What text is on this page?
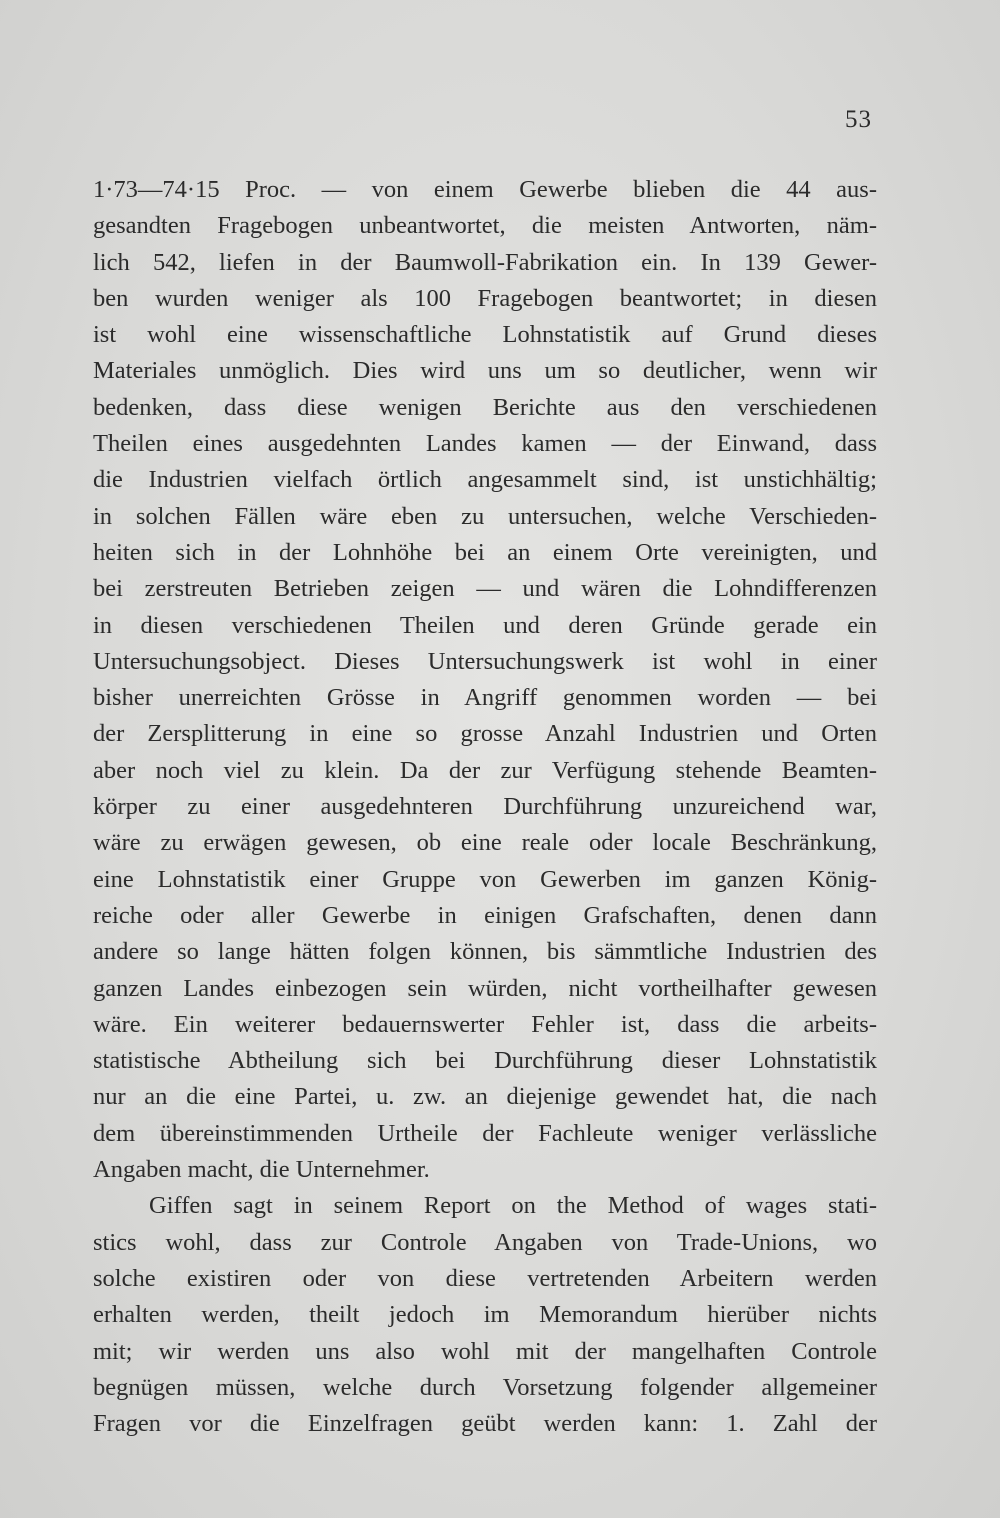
53
1·73—74·15 Proc. — von einem Gewerbe blieben die 44 aus-
gesandten Fragebogen unbeantwortet, die meisten Antworten, näm-
lich 542, liefen in der Baumwoll-Fabrikation ein. In 139 Gewer-
ben wurden weniger als 100 Fragebogen beantwortet; in diesen
ist wohl eine wissenschaftliche Lohnstatistik auf Grund dieses
Materiales unmöglich. Dies wird uns um so deutlicher, wenn wir
bedenken, dass diese wenigen Berichte aus den verschiedenen
Theilen eines ausgedehnten Landes kamen — der Einwand, dass
die Industrien vielfach örtlich angesammelt sind, ist unstichhältig;
in solchen Fällen wäre eben zu untersuchen, welche Verschieden-
heiten sich in der Lohnhöhe bei an einem Orte vereinigten, und
bei zerstreuten Betrieben zeigen — und wären die Lohndifferenzen
in diesen verschiedenen Theilen und deren Gründe gerade ein
Untersuchungsobject. Dieses Untersuchungswerk ist wohl in einer
bisher unerreichten Grösse in Angriff genommen worden — bei
der Zersplitterung in eine so grosse Anzahl Industrien und Orten
aber noch viel zu klein. Da der zur Verfügung stehende Beamten-
körper zu einer ausgedehnteren Durchführung unzureichend war,
wäre zu erwägen gewesen, ob eine reale oder locale Beschränkung,
eine Lohnstatistik einer Gruppe von Gewerben im ganzen König-
reiche oder aller Gewerbe in einigen Grafschaften, denen dann
andere so lange hätten folgen können, bis sämmtliche Industrien des
ganzen Landes einbezogen sein würden, nicht vortheilhafter gewesen
wäre. Ein weiterer bedauernswerter Fehler ist, dass die arbeits-
statistische Abtheilung sich bei Durchführung dieser Lohnstatistik
nur an die eine Partei, u. zw. an diejenige gewendet hat, die nach
dem übereinstimmenden Urtheile der Fachleute weniger verlässliche
Angaben macht, die Unternehmer.
Giffen sagt in seinem Report on the Method of wages stati-
stics wohl, dass zur Controle Angaben von Trade-Unions, wo
solche existiren oder von diese vertretenden Arbeitern werden
erhalten werden, theilt jedoch im Memorandum hierüber nichts
mit; wir werden uns also wohl mit der mangelhaften Controle
begnügen müssen, welche durch Vorsetzung folgender allgemeiner
Fragen vor die Einzelfragen geübt werden kann: 1. Zahl der
